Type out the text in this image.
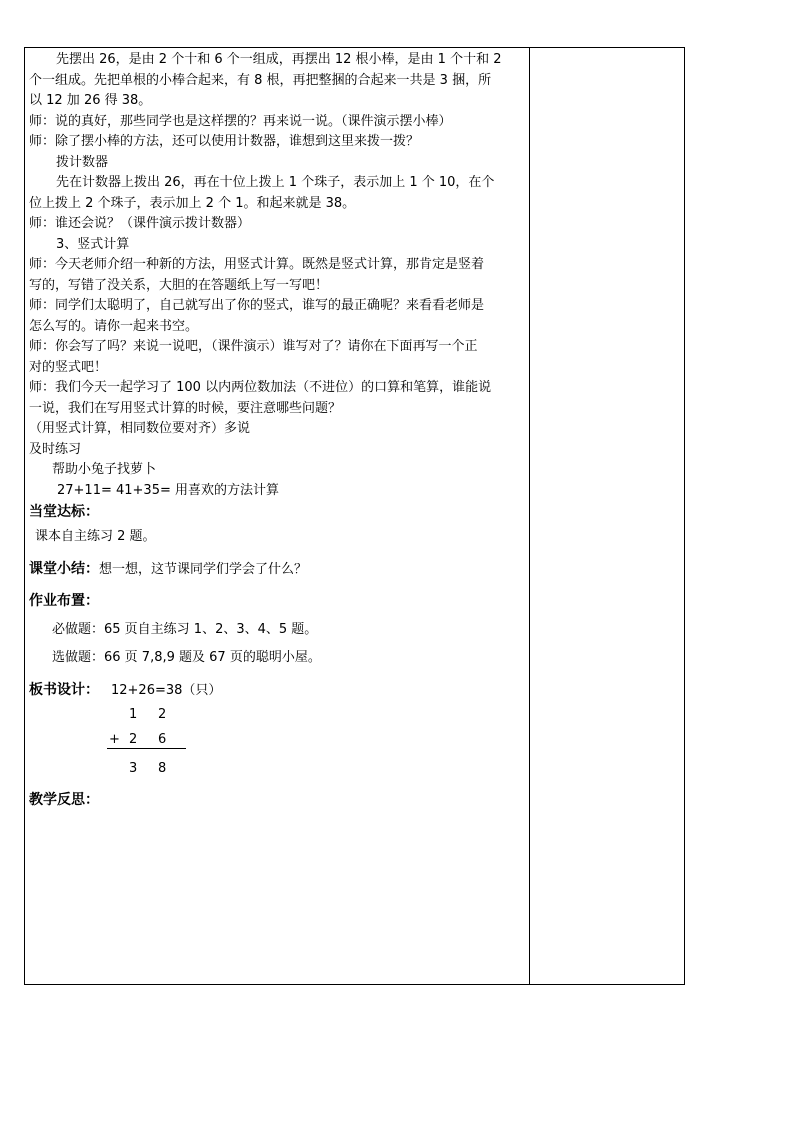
先摆出 26，是由 2 个十和 6 个一组成，再摆出 12 根小棒，是由 1 个十和 2
个一组成。先把单根的小棒合起来，有 8 根，再把整捆的合起来一共是 3 捆，所
以 12 加 26 得 38。
师：说的真好，那些同学也是这样摆的？再来说一说。（课件演示摆小棒）
师：除了摆小棒的方法，还可以使用计数器，谁想到这里来拨一拨？
拨计数器
先在计数器上拨出 26，再在十位上拨上 1 个珠子，表示加上 1 个 10，在个
位上拨上 2 个珠子，表示加上 2 个 1。和起来就是 38。
师：谁还会说？（课件演示拨计数器）
3、竖式计算
师：今天老师介绍一种新的方法，用竖式计算。既然是竖式计算，那肯定是竖着
写的，写错了没关系，大胆的在答题纸上写一写吧！
师：同学们太聪明了，自己就写出了你的竖式，谁写的最正确呢？来看看老师是
怎么写的。请你一起来书空。
师：你会写了吗？来说一说吧，（课件演示）谁写对了？请你在下面再写一个正
对的竖式吧！
师：我们今天一起学习了 100 以内两位数加法（不进位）的口算和笔算，谁能说
一说，我们在写用竖式计算的时候，要注意哪些问题？
（用竖式计算，相同数位要对齐）多说
及时练习
帮助小兔子找萝卜
27+11= 41+35= 用喜欢的方法计算
当堂达标：
课本自主练习 2 题。
课堂小结：想一想，这节课同学们学会了什么？
作业布置：
必做题：65 页自主练习 1、2、3、4、5 题。
选做题：66 页 7,8,9 题及 67 页的聪明小屋。
板书设计： 12+26=38（只）
1 2
+ 2 6
3 8
教学反思：
